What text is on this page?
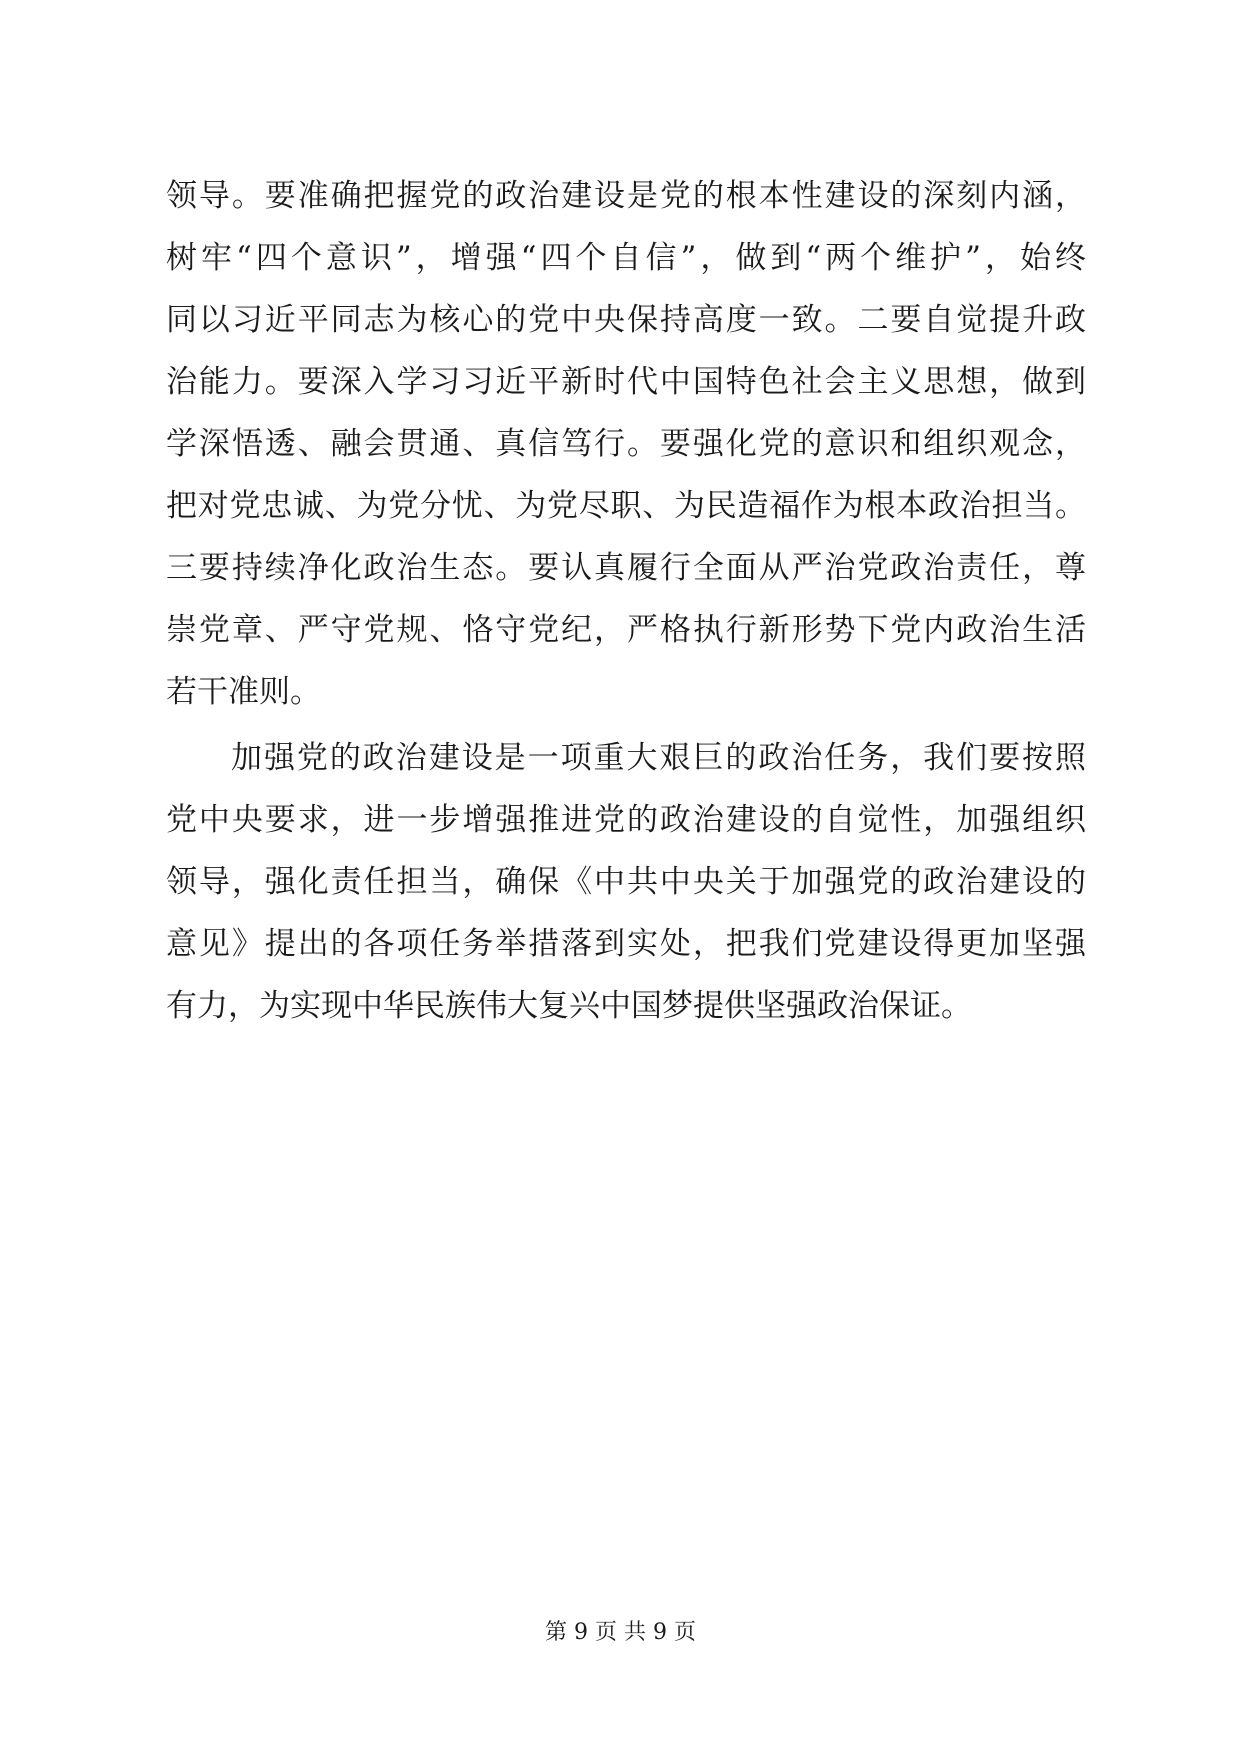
领导。要准确把握党的政治建设是党的根本性建设的深刻内涵，
树牢“四个意识”，增强“四个自信”，做到“两个维护”，始终
同以习近平同志为核心的党中央保持高度一致。二要自觉提升政
治能力。要深入学习习近平新时代中国特色社会主义思想，做到
学深悟透、融会贯通、真信笃行。要强化党的意识和组织观念，
把对党忠诚、为党分忧、为党尽职、为民造福作为根本政治担当。
三要持续净化政治生态。要认真履行全面从严治党政治责任，尊
崇党章、严守党规、恪守党纪，严格执行新形势下党内政治生活
若干准则。
加强党的政治建设是一项重大艰巨的政治任务，我们要按照
党中央要求，进一步增强推进党的政治建设的自觉性，加强组织
领导，强化责任担当，确保《中共中央关于加强党的政治建设的
意见》提出的各项任务举措落到实处，把我们党建设得更加坚强
有力，为实现中华民族伟大复兴中国梦提供坚强政治保证。
第 9 页 共 9 页
